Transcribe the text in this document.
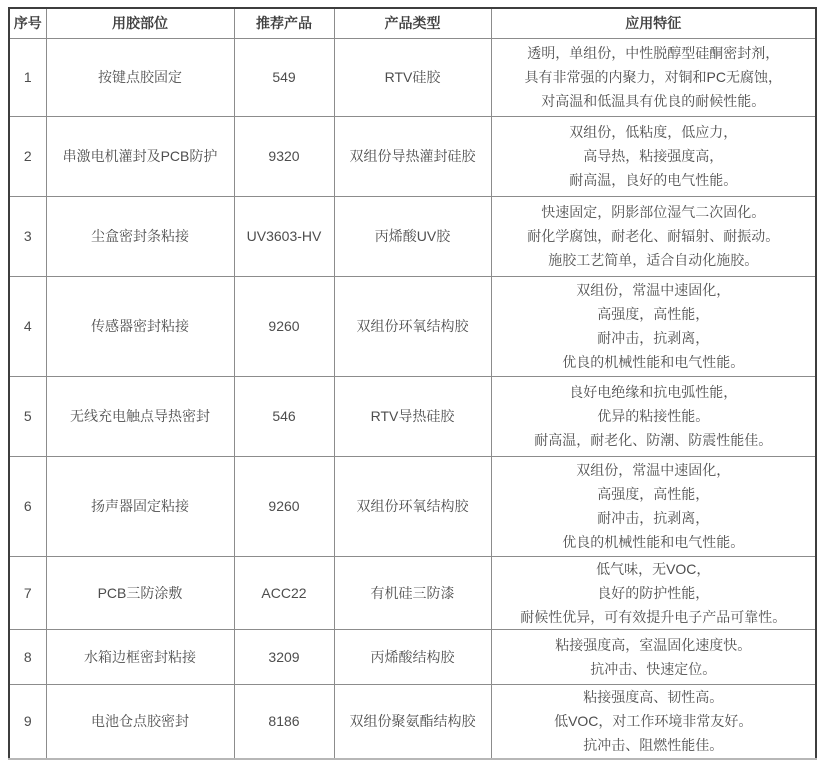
序号	用胶部位	推荐产品	产品类型	应用特征
1	按键点胶固定	549	RTV硅胶	透明，单组份，中性脱醇型硅酮密封剂，
具有非常强的内聚力，对铜和PC无腐蚀，
对高温和低温具有优良的耐候性能。

2	串激电机灌封及PCB防护	9320	双组份导热灌封硅胶	双组份，低粘度，低应力，
高导热，粘接强度高，
耐高温，良好的电气性能。

3	尘盒密封条粘接	UV3603-HV	丙烯酸UV胶	快速固定，阴影部位湿气二次固化。
耐化学腐蚀，耐老化、耐辐射、耐振动。
施胶工艺简单，适合自动化施胶。

4	传感器密封粘接	9260	双组份环氧结构胶	双组份，常温中速固化，
高强度，高性能，
耐冲击，抗剥离，
优良的机械性能和电气性能。

5	无线充电触点导热密封	546	RTV导热硅胶	良好电绝缘和抗电弧性能，
优异的粘接性能。
耐高温，耐老化、防潮、防震性能佳。

6	扬声器固定粘接	9260	双组份环氧结构胶	双组份，常温中速固化，
高强度，高性能，
耐冲击，抗剥离，
优良的机械性能和电气性能。

7	PCB三防涂敷	ACC22	有机硅三防漆	低气味，无VOC，
良好的防护性能，
耐候性优异，可有效提升电子产品可靠性。

8	水箱边框密封粘接	3209	丙烯酸结构胶	粘接强度高，室温固化速度快。
抗冲击、快速定位。

9	电池仓点胶密封	8186	双组份聚氨酯结构胶	粘接强度高、韧性高。
低VOC，对工作环境非常友好。
抗冲击、阻燃性能佳。
